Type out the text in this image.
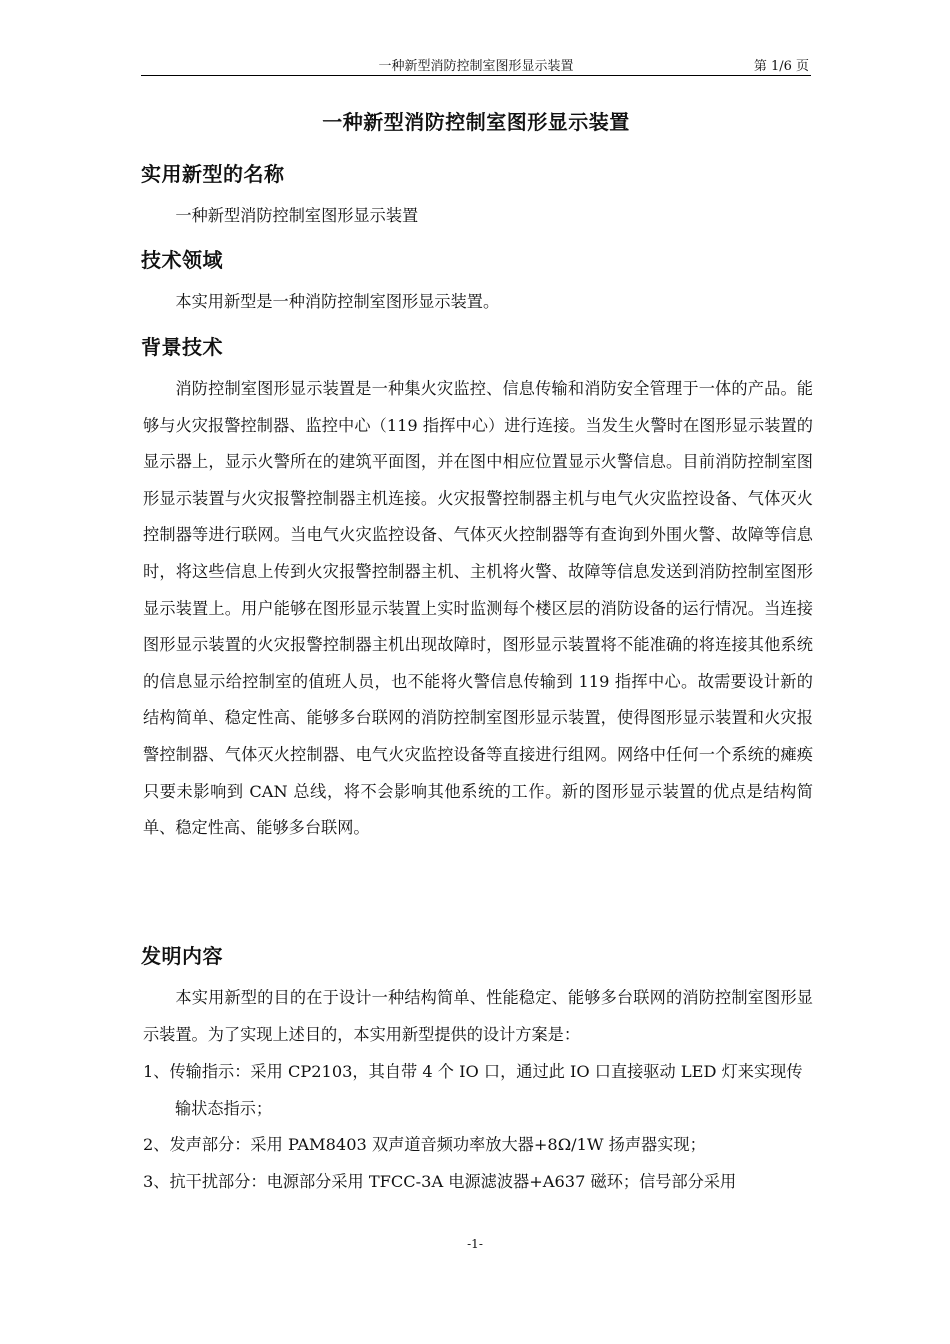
一种新型消防控制室图形显示装置	第 1/6 页
一种新型消防控制室图形显示装置
实用新型的名称

一种新型消防控制室图形显示装置

技术领域

本实用新型是一种消防控制室图形显示装置。

背景技术

消防控制室图形显示装置是一种集火灾监控、信息传输和消防安全管理于一体的产品。能够与火灾报警控制器、监控中心（119 指挥中心）进行连接。当发生火警时在图形显示装置的显示器上，显示火警所在的建筑平面图，并在图中相应位置显示火警信息。目前消防控制室图形显示装置与火灾报警控制器主机连接。火灾报警控制器主机与电气火灾监控设备、气体灭火控制器等进行联网。当电气火灾监控设备、气体灭火控制器等有查询到外围火警、故障等信息时，将这些信息上传到火灾报警控制器主机、主机将火警、故障等信息发送到消防控制室图形显示装置上。用户能够在图形显示装置上实时监测每个楼区层的消防设备的运行情况。当连接图形显示装置的火灾报警控制器主机出现故障时，图形显示装置将不能准确的将连接其他系统的信息显示给控制室的值班人员，也不能将火警信息传输到 119 指挥中心。故需要设计新的结构简单、稳定性高、能够多台联网的消防控制室图形显示装置，使得图形显示装置和火灾报警控制器、气体灭火控制器、电气火灾监控设备等直接进行组网。网络中任何一个系统的瘫痪只要未影响到 CAN 总线，将不会影响其他系统的工作。新的图形显示装置的优点是结构简单、稳定性高、能够多台联网。

发明内容

本实用新型的目的在于设计一种结构简单、性能稳定、能够多台联网的消防控制室图形显示装置。为了实现上述目的，本实用新型提供的设计方案是：

1、传输指示：采用 CP2103，其自带 4 个 IO 口，通过此 IO 口直接驱动 LED 灯来实现传输状态指示；

2、发声部分：采用 PAM8403 双声道音频功率放大器+8Ω/1W 扬声器实现；

3、抗干扰部分：电源部分采用 TFCC-3A 电源滤波器+A637 磁环；信号部分采用

-1-
